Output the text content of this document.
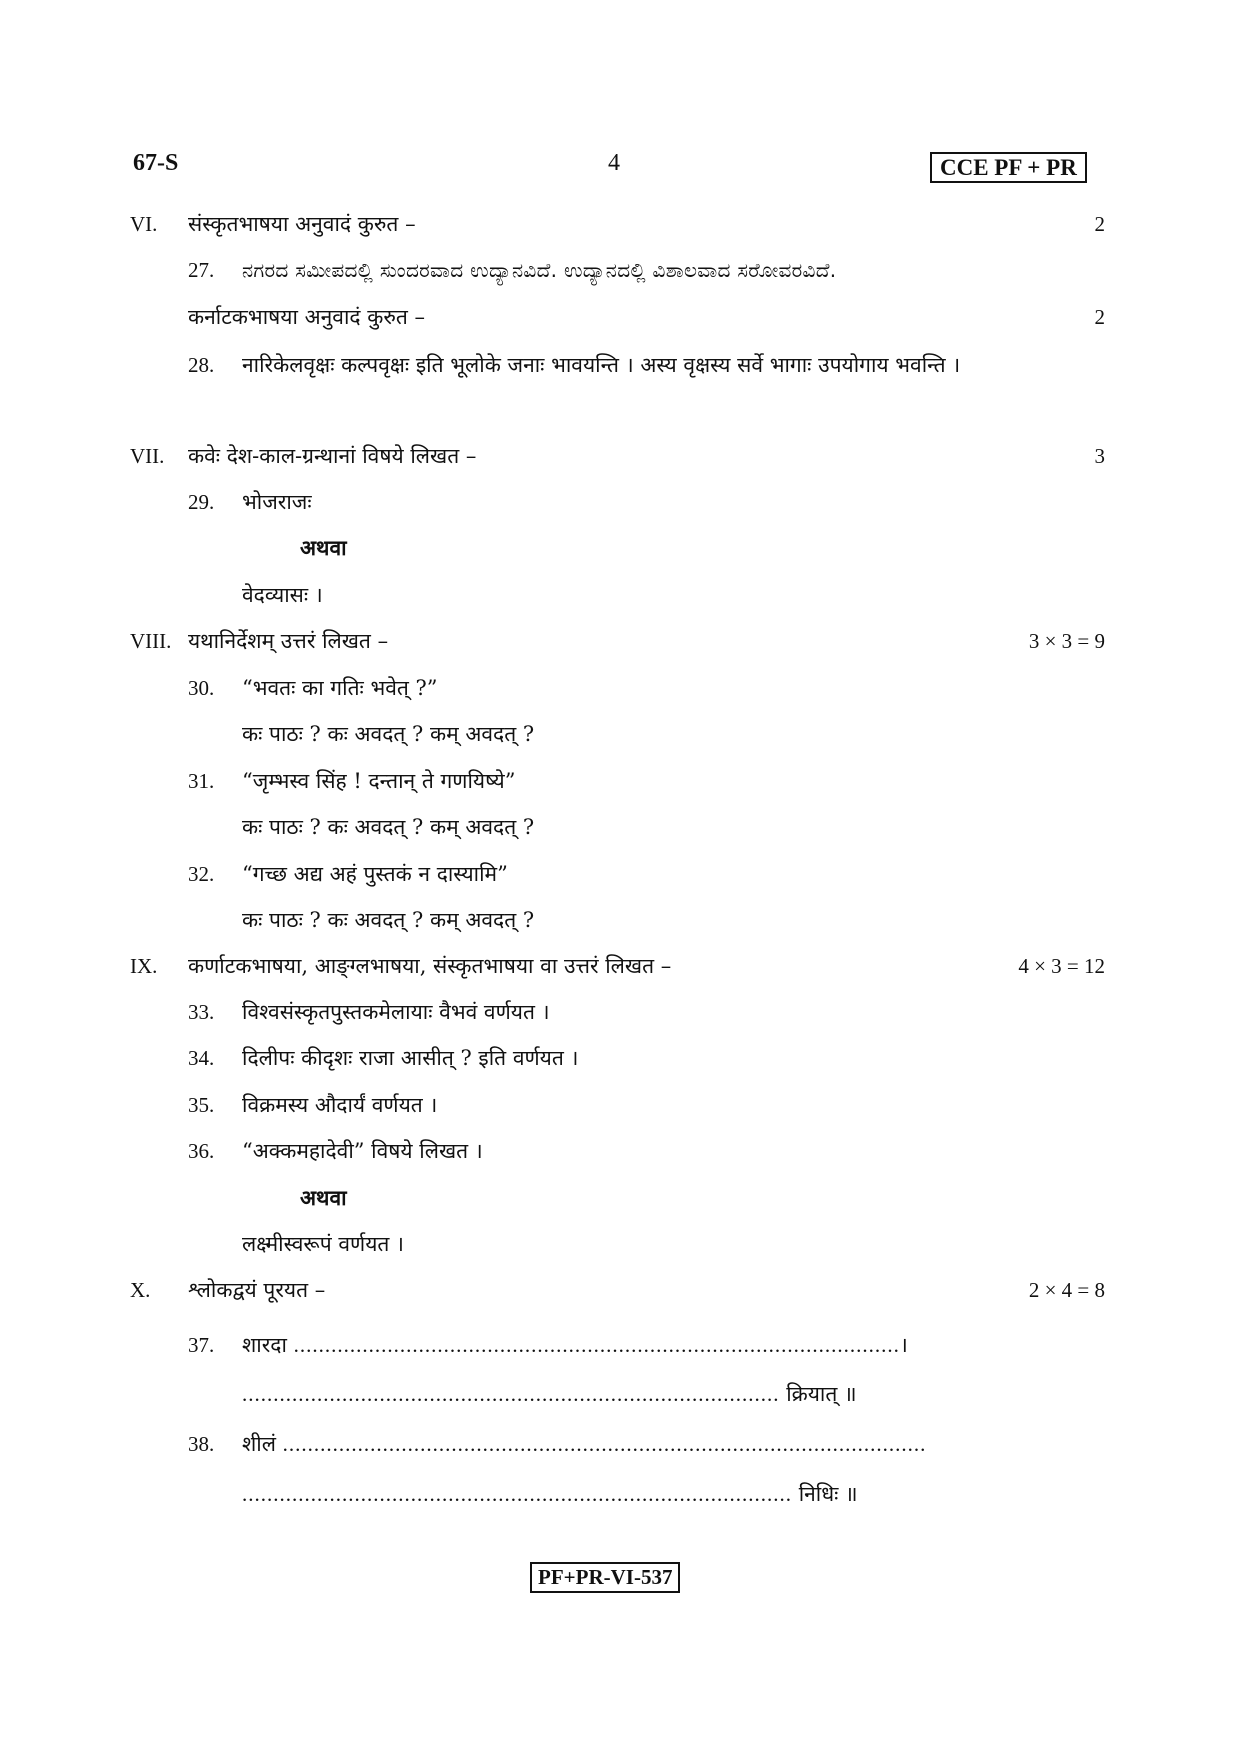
67-S	4	CCE PF + PR
VI. संस्कृतभाषया अनुवादं कुरुत –	2
27. ನಗರದ ಸಮೀಪದಲ್ಲಿ ಸುಂದರವಾದ ಉದ್ಯಾನವಿದೆ. ಉದ್ಯಾನದಲ್ಲಿ ವಿಶಾಲವಾದ ಸರೋವರವಿದೆ.
कर्नाटकभाषया अनुवादं कुरुत –	2
28. नारिकेलवृक्षः कल्पवृक्षः इति भूलोके जनाः भावयन्ति । अस्य वृक्षस्य सर्वे भागाः उपयोगाय भवन्ति ।
VII. कवेः देश-काल-ग्रन्थानां विषये लिखत –	3
29. भोजराजः
अथवा
वेदव्यासः ।
VIII. यथानिर्देशम् उत्तरं लिखत –	3 × 3 = 9
30. “भवतः का गतिः भवेत् ?”
कः पाठः ? कः अवदत् ? कम् अवदत् ?
31. “जृम्भस्व सिंह ! दन्तान् ते गणयिष्ये”
कः पाठः ? कः अवदत् ? कम् अवदत् ?
32. “गच्छ अद्य अहं पुस्तकं न दास्यामि”
कः पाठः ? कः अवदत् ? कम् अवदत् ?
IX. कर्णाटकभाषया, आङ्ग्लभाषया, संस्कृतभाषया वा उत्तरं लिखत –	4 × 3 = 12
33. विश्वसंस्कृतपुस्तकमेलायाः वैभवं वर्णयत ।
34. दिलीपः कीदृशः राजा आसीत् ? इति वर्णयत ।
35. विक्रमस्य औदार्यं वर्णयत ।
36. “अक्कमहादेवी” विषये लिखत ।
अथवा
लक्ष्मीस्वरूपं वर्णयत ।
X. श्लोकद्वयं पूरयत –	2 × 4 = 8
37. शारदा .................................................................................................।
...................................................................................... क्रियात् ॥
38. शीलं .......................................................................................................
........................................................................................ निधिः ॥
PF+PR-VI-537
